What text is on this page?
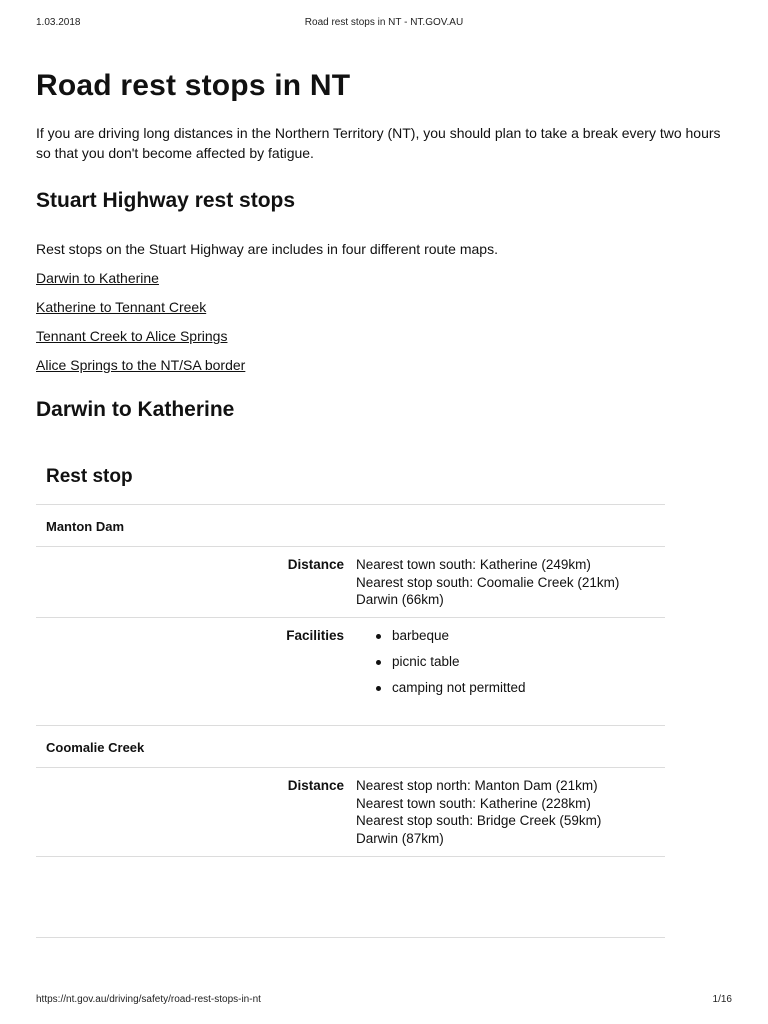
1.03.2018	Road rest stops in NT - NT.GOV.AU
Road rest stops in NT

If you are driving long distances in the Northern Territory (NT), you should plan to take a break every two hours so that you don't become affected by fatigue.

Stuart Highway rest stops

Rest stops on the Stuart Highway are includes in four different route maps.

Darwin to Katherine
Katherine to Tennant Creek
Tennant Creek to Alice Springs
Alice Springs to the NT/SA border
Darwin to Katherine
Rest stop
Manton Dam
Distance Nearest town south: Katherine (249km)
Nearest stop south: Coomalie Creek (21km)
Darwin (66km)
Facilities	barbeque
picnic table
camping not permitted
Coomalie Creek
Distance Nearest stop north: Manton Dam (21km)
Nearest town south: Katherine (228km)
Nearest stop south: Bridge Creek (59km)
Darwin (87km)
https://nt.gov.au/driving/safety/road-rest-stops-in-nt	1/16
